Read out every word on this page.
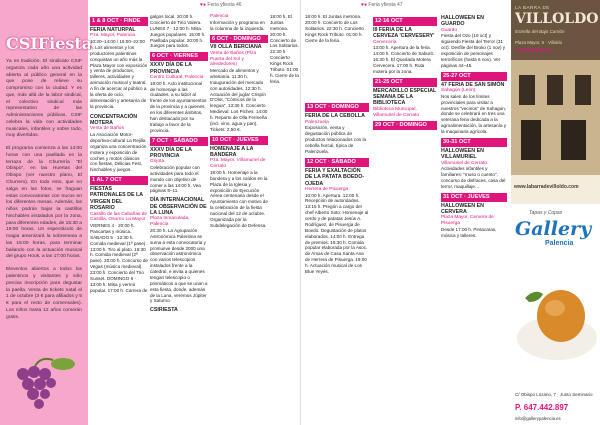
♥● Feria yfiesta 46
CSIFiesta

Ya es tradición. El sindicato CSIF organiza cada año una actividad abierta al público general en la que pone de relieve su compromiso con la ciudad. Y es que, más allá de la labor sindical, el colectivo sindical más representativo de las Administraciones públicas, CSIF celebra la vida con actividades musicales, infantiles y sobre todo, muy divertidas.

El programa comienza a las 14:00 horas con una paellada en la terraza de la Churrería "El Obispo", en las Huertas del Obispo (ver nuestro plano, El Churrero). En todo esto, que no salga en las fotos, se fraguan estas convocatorias con trucos en los diferentes mesas. Además, los niños podrán bajar la castillos hinchables instalados por la zona, para diferentes edades, de 15:30 a 19:00 horas. Un espectáculo de magia amenizará la sobremesa a las 16:00 horas, para terminar bailando con la actuación musical del grupo Hook, a las 17:00 horas.

Eleventos abiertos a todos los palentinos y visitantes y sólo precisa inscripción para degustar la paella. Venta de tickets natal el 1 de octubre (3 € para afiliados y 5 € para el resto de comensales). Los niños hasta 12 años comerán gratis.

1 & 8 OCT · FINDE
FERIA NATURPAL
Pza. Mayor, Palencia
10:30–14:00 / 16:00–22:00 h. Los alimentos y los productores palentinos conquistan un año más la Plaza Mayor con exposición y venta de productos, talleres, actividades y animación musical y teatral. A fin de acercar al público a la oferta de ocio, alimentación y artesanía de la provincia.
CONCENTRACIÓN MOTERA
Venta de Baños
La Asociación Motor-deportiva-cultural La Rejilla organiza una concentración motera y exposición de coches y motos clásicos con fiestas, Delicias Fest, hinchables y juegos.
1 AL 7 OCT
FIESTAS PATRONALES DE LA VIRGEN DEL ROSARIO
Castillo de las Cabañas de Castilla, Osorno La Mayor
VIERNES 4 · 20:00 h. Pancartas y música. SÁBADO 5 · 12:30 h. Comida medieval (1ª pase). 13:00 h. Tiro al plato. 16:30 h. Comida medieval (2ª pase). 20:00 h. Concurso de Vegas (música medieval). 23:00 h. Concierto del Trio Sunset. DOMINGO 6 · 13:00 h. Misa y vermú popular. 17:00 h. Carrera de
galgos local. 20:00 h. Concierto de Tirio Valera. LUNES 7 · 12:00 h. Misa. Juegos populares. 15:00 h. Paellada popular. 20:00 h. Juegos para todos.
6 OCT · VIERNES
XXXV DÍA DE LA PROVINCIA
Centro Cultural, Palencia
18:00 h. Acto institucional de homenaje a las ciudades, a su labor al frente de los ayuntamientos de la provincia y a quienes, en los diferentes ámbitos, han destacado por su trabajo a favor de la provincia.
7 OCT · SÁBADO
XXXV DÍA DE LA PROVINCIA
Grijota
Celebración popular con actividades para todo el mundo con objetivo de comer a las 14:00 h. Vea páginas 8–11.
DÍA INTERNACIONAL DE OBSERVACIÓN DE LA LUNA
Plaza Inmaculada, Palencia
20:30 h. La Agrupación Astronómica Palentina se suma a esta convocatoria y promueve desde 2000 una observación astronómica con varios telescopios instalados frente a la catedral, e invita a quienes tengan telescopio o prismáticos a que se unan a esta fiesta, donde, además de la Luna, veremos Júpiter y Saturno.
CSIRIESTA
Palencia
Información y programa en la columna de la izquierda.
6 OCT · DOMINGO
VII OLLA BERCIANA
Venta de Baños (Plza Puerta del Sol y alrededores)
Mercado de alimentos y artesanía. 11:30 h. Inauguración del mercado con autoridades. 12:30 h. Actuación del juglar Crispín D'Olot, "Cómicos de la lengua". 13:30 h. Concierto Medieval: Los Piches. 14:00 h. Reparto de Olla Fermeña (incl. vino, agua y pan). Tickets: 2,50 €.
10 OCT · JUEVES
HOMENAJE A LA BANDERA
Pza. Mayor, Villamuriel de Cerrato
19:00 h. Homenaje a la bandera y a los caídos en la Plaza de la Iglesia y exposición de Ejecución Aérea centenaria desde el Ayuntamiento con motivo de la celebración de la fiesta nacional del 12 de octubre. Organizada por la Subdelegación de Defensa.
18:00 h. El Juntas metrona. 20:00 h. Concierto de Los Solitarios. 22:30 h. Concierto Kings Rock Tributo. 01:00 h. Cierre de la feria.
♥● Feria yfiesta 47
18:00 h. El Juntas metrona. 20:00 h. Concierto de Los Solitarios. 22:30 h. Concierto Kings Rock Tributo. 01:00 h. Cierre de la feria.
13 OCT · DOMINGO
FERIA DE LA CEBOLLA
Palenzuela
Exposición, venta y degustación pública de productos relacionados con la cebolla horcal, típica de Palenzuela.
12 OCT · SÁBADO
FERIA Y EXALTACIÓN DE LA PATATA BOEDO-OJEDA
Herrera de Pisuerga
10:00 h. Apertura. 12:00 h. Recepción de autoridades. 13:15 h. Pregón a cargo del chef Alberto Soto. Homenaje al cerdo y de patatas Jesús A. Rodríguez, de Pisuerga de Boedo. Degustación de platos elaborados. 14:00 h. Entrega de premios. 16:30 h. Comida popular elaborada por la Asoc. de Amas de Casa Santa Ana de Herrera de Pisuerga. 19:00 h. Actuación musical de Los Blue Yeyés.
12·16 OCT
III FERIA DE LA CERVEZA 'CERVESERY'
Cervecería
13:00 h. Apertura de la feria. 14:00 h. Concierto de Saburit. 16:30 h. El Quedada Motera Cervecera. 17:00 h. Ruta motera por la zona.
21-25 OCT
MERCADILLO ESPECIAL SEMANA DE LA BIBLIOTECA
Biblioteca Municipal, Villamuriel de Cerrato
29 OCT · DOMINGO
HALLOWEEN EN GUARDO
Guardo
Fiesta del Ozo (19 oct) y siguiendo Fiesta del Terror (31 oct). Desfile del Broko (1 nov) y exposición de personajes terroríficos (hasta 6 nov). Ver páginas 44–45.
25-27 OCT
47 FERIA DE SAN SIMÓN
Sahagún (León)
Nos salen de los límites provinciales para visitar a nuestros "vecinos" de Sahagún, donde se celebrará en tres una veterana feria dedicada a la agroalimentación, la artesanía y la maquinaria agrícola.
30-31 OCT
HALLOWEEN EN VILLAMURIEL
Villamuriel de Cerrato
Actividades infantiles y familiares: "muso o cuento", concurso de disfraces, casa del terror, maquillaje…
31 OCT · JUEVES
HALLOWEEN EN CERVERA
Plaza Mayor, Cervera de Pisuerga
Desde 17:00 h. Pintacaras, música y talleres.
LA BARRA DE
VILLOLDO
Estrella del Bajo Carrión
Plaza Mayor, 5 · Villoldo
T. 979 61 07 8
www.labarradevilloldo.com
Tapas y Copas
Gallery
Palencia
C/ Obispo Lozano, 7 · Junto Seminario
P. 647.442.897
info@gallerypalencia.es
